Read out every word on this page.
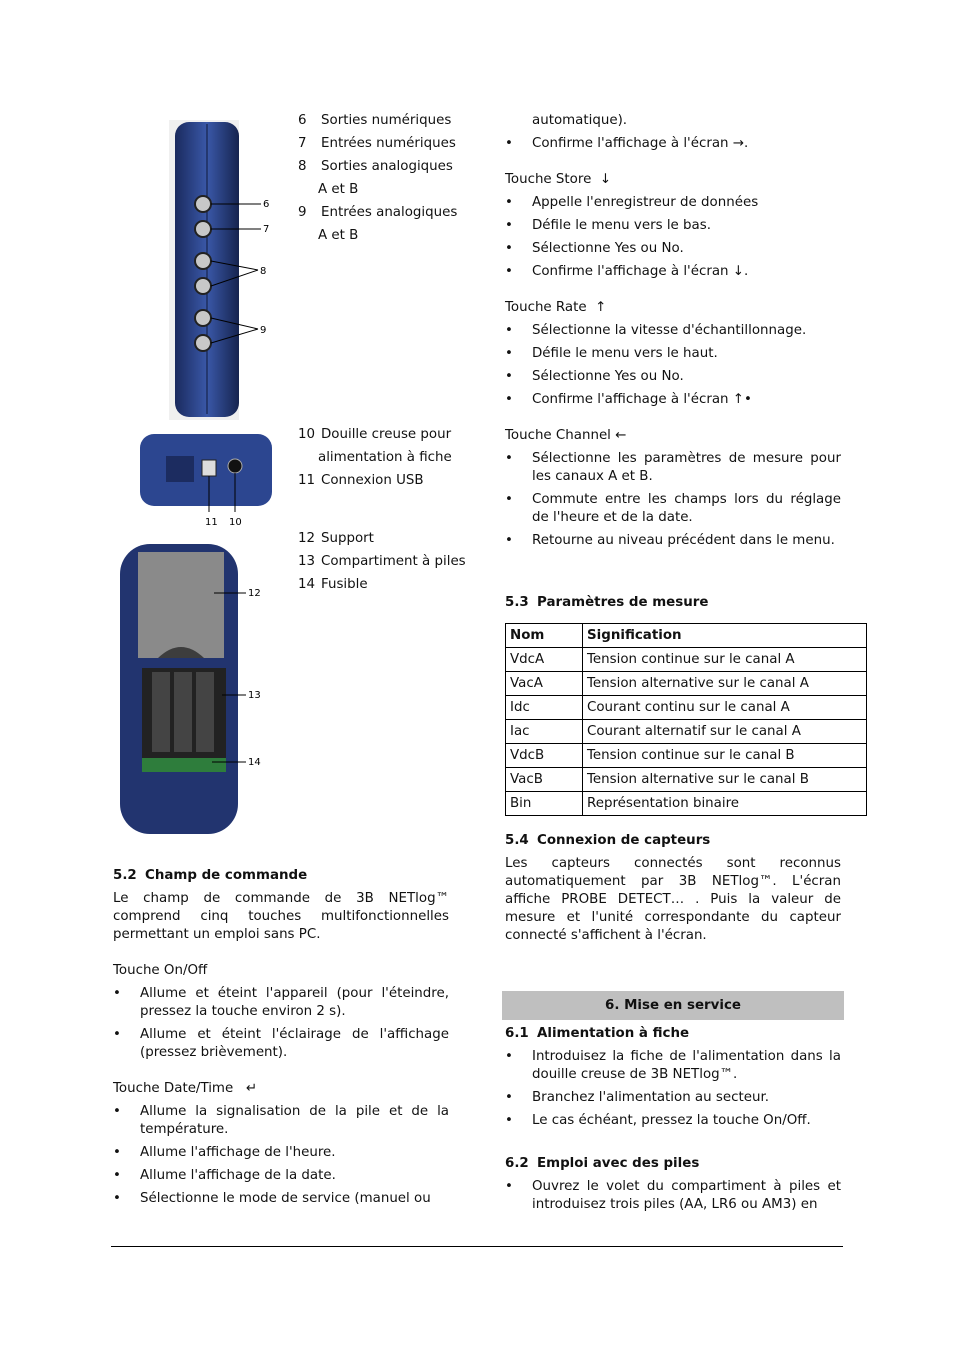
6
7
8
9
11 10
12
13
14
6 Sorties numériques
7 Entrées numériques
8 Sorties analogiques
A et B
9 Entrées analogiques
A et B
10 Douille creuse pour
alimentation à fiche
11 Connexion USB
12 Support
13 Compartiment à piles
14 Fusible
5.2 Champ de commande
Le champ de commande de 3B NETlog™ comprend cinq touches multifonctionnelles permettant un emploi sans PC.
Touche On/Off
• Allume et éteint l'appareil (pour l'éteindre, pressez la touche environ 2 s).
• Allume et éteint l'éclairage de l'affichage (pressez brièvement).
Touche Date/Time ↵
• Allume la signalisation de la pile et de la température.
• Allume l'affichage de l'heure.
• Allume l'affichage de la date.
• Sélectionne le mode de service (manuel ou
automatique).
• Confirme l'affichage à l'écran →.
Touche Store ↓
• Appelle l'enregistreur de données
• Défile le menu vers le bas.
• Sélectionne Yes ou No.
• Confirme l'affichage à l'écran ↓.
Touche Rate ↑
• Sélectionne la vitesse d'échantillonnage.
• Défile le menu vers le haut.
• Sélectionne Yes ou No.
• Confirme l'affichage à l'écran ↑•
Touche Channel ←
• Sélectionne les paramètres de mesure pour les canaux A et B.
• Commute entre les champs lors du réglage de l'heure et de la date.
• Retourne au niveau précédent dans le menu.
5.3 Paramètres de mesure
Nom	Signification
VdcA	Tension continue sur le canal A
VacA	Tension alternative sur le canal A
Idc	Courant continu sur le canal A
Iac	Courant alternatif sur le canal A
VdcB	Tension continue sur le canal B
VacB	Tension alternative sur le canal B
Bin	Représentation binaire
5.4 Connexion de capteurs
Les capteurs connectés sont reconnus automatiquement par 3B NETlog™. L'écran affiche PROBE DETECT… . Puis la valeur de mesure et l'unité correspondante du capteur connecté s'affichent à l'écran.
6. Mise en service
6.1 Alimentation à fiche
• Introduisez la fiche de l'alimentation dans la douille creuse de 3B NETlog™.
• Branchez l'alimentation au secteur.
• Le cas échéant, pressez la touche On/Off.
6.2 Emploi avec des piles
• Ouvrez le volet du compartiment à piles et introduisez trois piles (AA, LR6 ou AM3) en
